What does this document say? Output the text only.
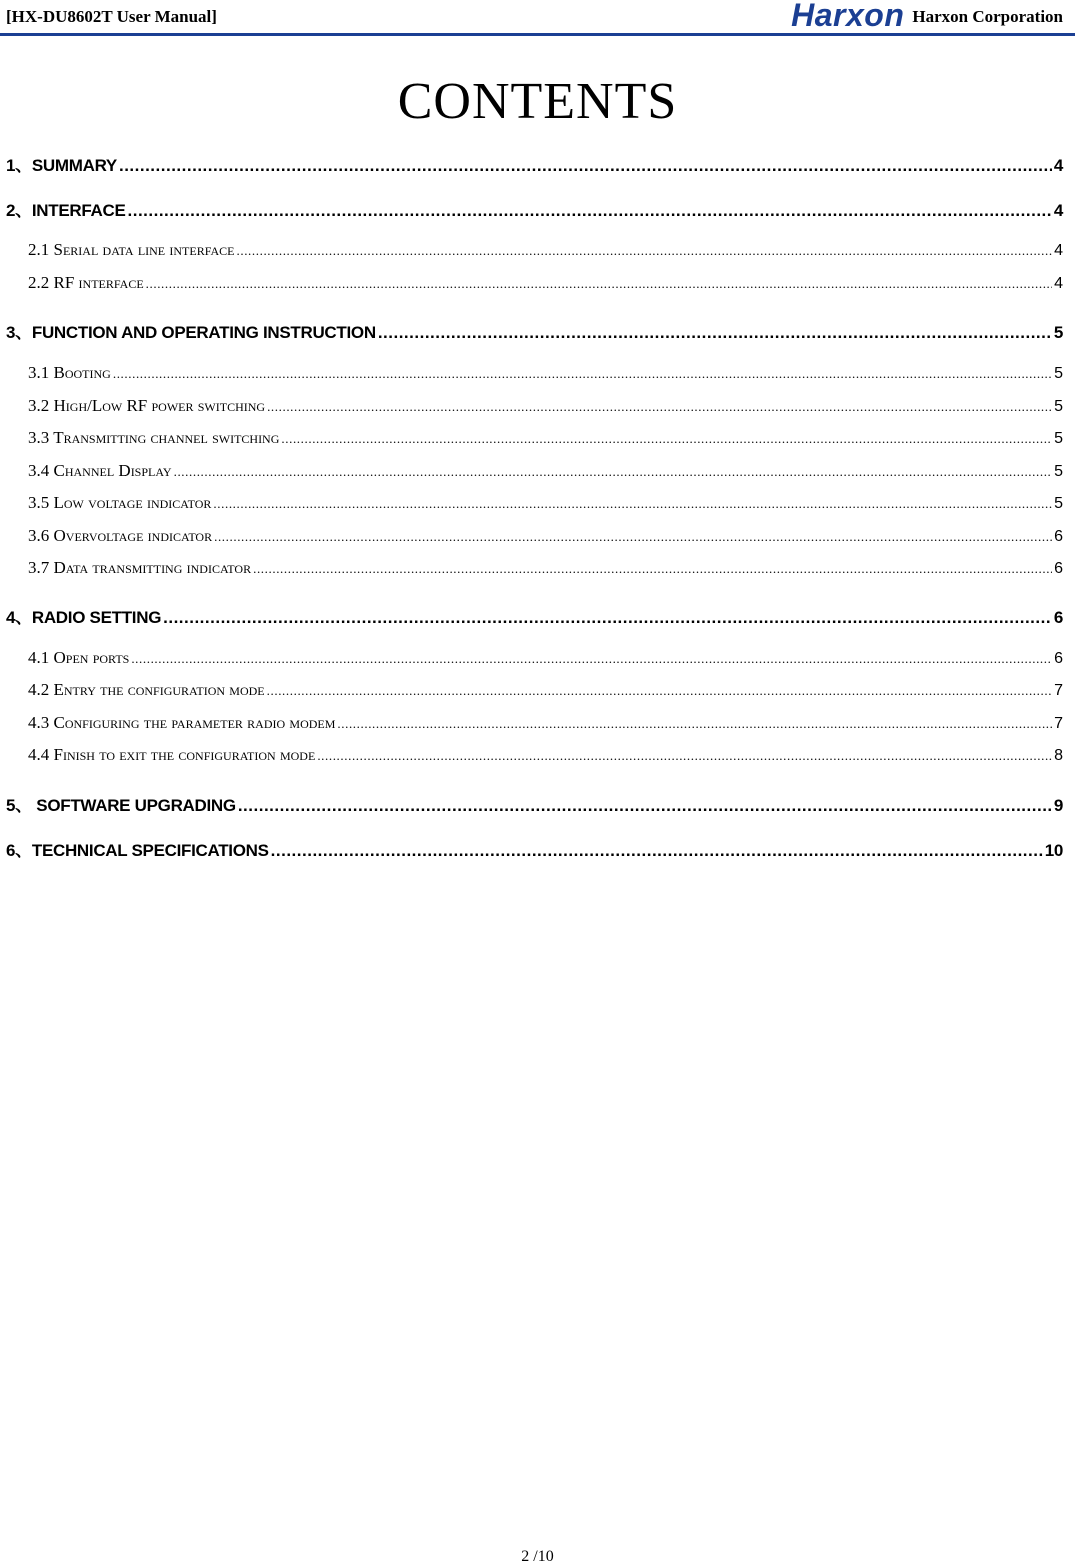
[HX-DU8602T User Manual]	Harxon Harxon Corporation
CONTENTS
1、SUMMARY .....	4
2、INTERFACE .....	4
2.1 Serial data line interface .....	4
2.2 RF interface .....	4
3、FUNCTION AND OPERATING INSTRUCTION .....	5
3.1 Booting .....	5
3.2 High/Low RF power switching .....	5
3.3 Transmitting channel switching .....	5
3.4 Channel Display .....	5
3.5 Low voltage indicator .....	5
3.6 Overvoltage indicator .....	6
3.7 Data transmitting indicator .....	6
4、RADIO SETTING .....	6
4.1 Open ports .....	6
4.2 Entry the configuration mode .....	7
4.3 Configuring the parameter radio modem .....	7
4.4 Finish to exit the configuration mode .....	8
5、 SOFTWARE UPGRADING .....	9
6、TECHNICAL SPECIFICATIONS .....	10
2 /10
